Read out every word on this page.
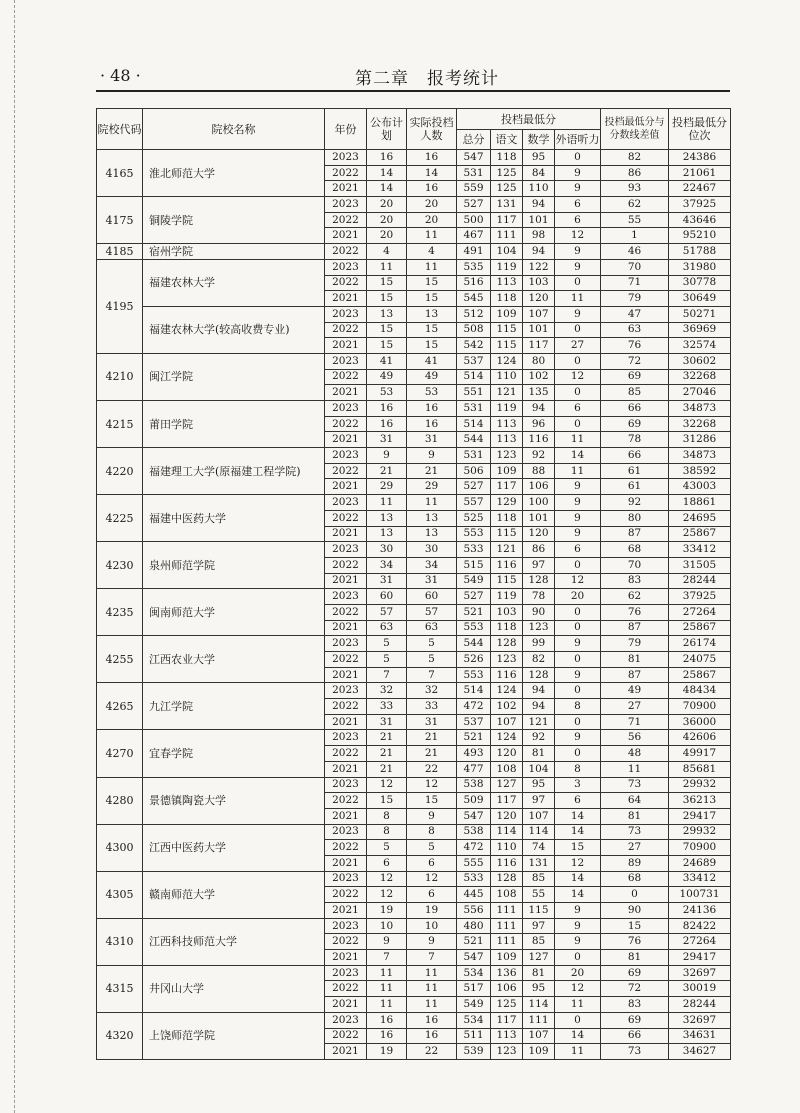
· 48 ·	第二章　报考统计
院校代码	院校名称	年份	公布计划	实际投档人数	投档最低分				投档最低分与分数线差值	投档最低分位次
					总分	语文	数学	外语听力		
4165	淮北师范大学	2023	16	16	547	118	95	0	82	24386
		2022	14	14	531	125	84	9	86	21061
		2021	14	16	559	125	110	9	93	22467
4175	铜陵学院	2023	20	20	527	131	94	6	62	37925
		2022	20	20	500	117	101	6	55	43646
		2021	20	11	467	111	98	12	1	95210
4185	宿州学院	2022	4	4	491	104	94	9	46	51788
4195	福建农林大学	2023	11	11	535	119	122	9	70	31980
		2022	15	15	516	113	103	0	71	30778
		2021	15	15	545	118	120	11	79	30649
	福建农林大学(较高收费专业)	2023	13	13	512	109	107	9	47	50271
		2022	15	15	508	115	101	0	63	36969
		2021	15	15	542	115	117	27	76	32574
4210	闽江学院	2023	41	41	537	124	80	0	72	30602
		2022	49	49	514	110	102	12	69	32268
		2021	53	53	551	121	135	0	85	27046
4215	莆田学院	2023	16	16	531	119	94	6	66	34873
		2022	16	16	514	113	96	0	69	32268
		2021	31	31	544	113	116	11	78	31286
4220	福建理工大学(原福建工程学院)	2023	9	9	531	123	92	14	66	34873
		2022	21	21	506	109	88	11	61	38592
		2021	29	29	527	117	106	9	61	43003
4225	福建中医药大学	2023	11	11	557	129	100	9	92	18861
		2022	13	13	525	118	101	9	80	24695
		2021	13	13	553	115	120	9	87	25867
4230	泉州师范学院	2023	30	30	533	121	86	6	68	33412
		2022	34	34	515	116	97	0	70	31505
		2021	31	31	549	115	128	12	83	28244
4235	闽南师范大学	2023	60	60	527	119	78	20	62	37925
		2022	57	57	521	103	90	0	76	27264
		2021	63	63	553	118	123	0	87	25867
4255	江西农业大学	2023	5	5	544	128	99	9	79	26174
		2022	5	5	526	123	82	0	81	24075
		2021	7	7	553	116	128	9	87	25867
4265	九江学院	2023	32	32	514	124	94	0	49	48434
		2022	33	33	472	102	94	8	27	70900
		2021	31	31	537	107	121	0	71	36000
4270	宜春学院	2023	21	21	521	124	92	9	56	42606
		2022	21	21	493	120	81	0	48	49917
		2021	21	22	477	108	104	8	11	85681
4280	景德镇陶瓷大学	2023	12	12	538	127	95	3	73	29932
		2022	15	15	509	117	97	6	64	36213
		2021	8	9	547	120	107	14	81	29417
4300	江西中医药大学	2023	8	8	538	114	114	14	73	29932
		2022	5	5	472	110	74	15	27	70900
		2021	6	6	555	116	131	12	89	24689
4305	赣南师范大学	2023	12	12	533	128	85	14	68	33412
		2022	12	6	445	108	55	14	0	100731
		2021	19	19	556	111	115	9	90	24136
4310	江西科技师范大学	2023	10	10	480	111	97	9	15	82422
		2022	9	9	521	111	85	9	76	27264
		2021	7	7	547	109	127	0	81	29417
4315	井冈山大学	2023	11	11	534	136	81	20	69	32697
		2022	11	11	517	106	95	12	72	30019
		2021	11	11	549	125	114	11	83	28244
4320	上饶师范学院	2023	16	16	534	117	111	0	69	32697
		2022	16	16	511	113	107	14	66	34631
		2021	19	22	539	123	109	11	73	34627
